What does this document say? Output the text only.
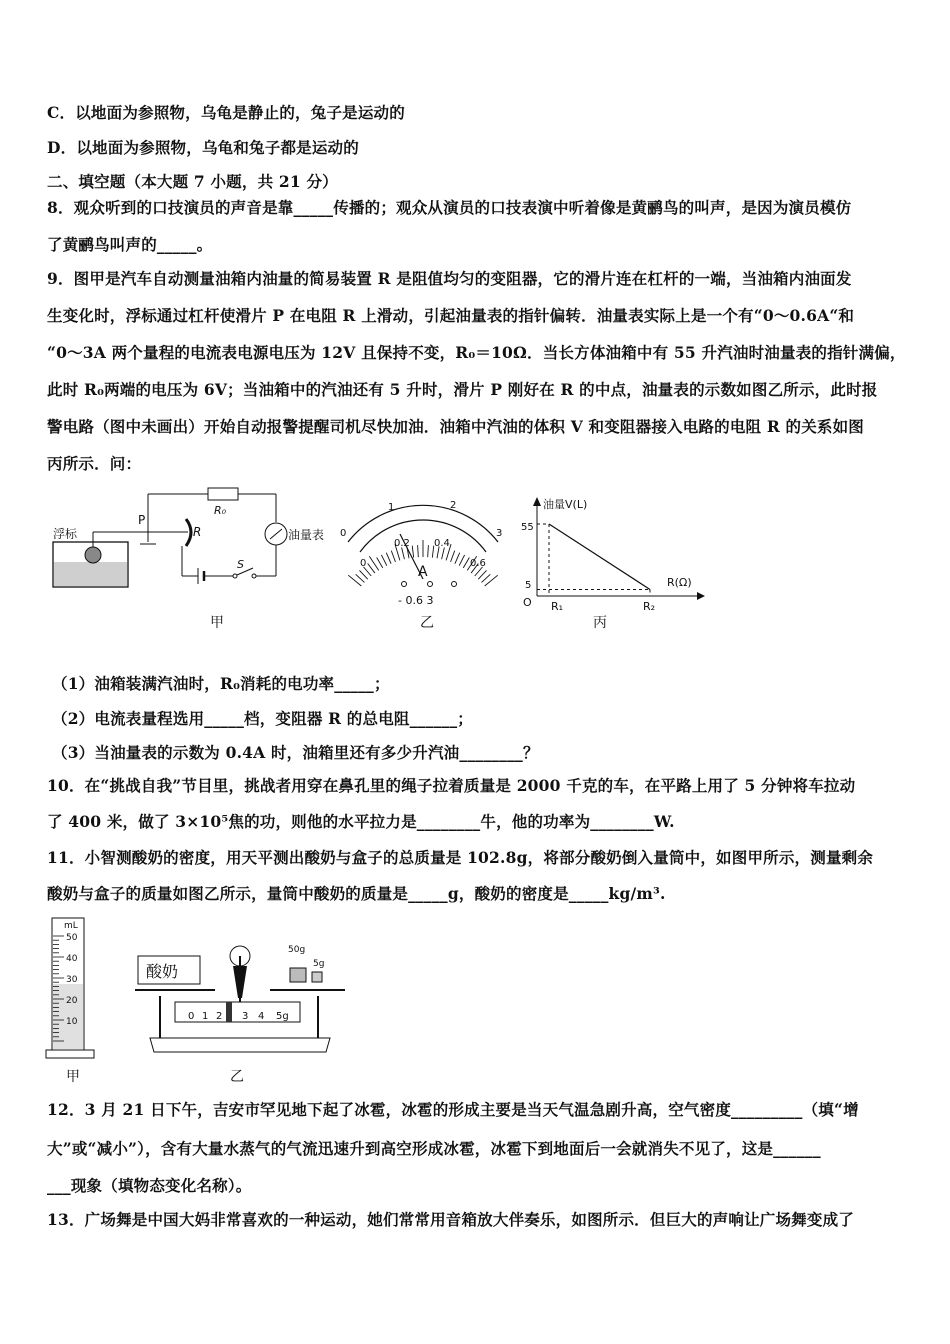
C．以地面为参照物，乌龟是静止的，兔子是运动的
D．以地面为参照物，乌龟和兔子都是运动的
二、填空题（本大题 7 小题，共 21 分）
8．观众听到的口技演员的声音是靠_____传播的；观众从演员的口技表演中听着像是黄鹂鸟的叫声，是因为演员模仿
了黄鹂鸟叫声的_____。
9．图甲是汽车自动测量油箱内油量的简易装置 R 是阻值均匀的变阻器，它的滑片连在杠杆的一端，当油箱内油面发
生变化时，浮标通过杠杆使滑片 P 在电阻 R 上滑动，引起油量表的指针偏转．油量表实际上是一个有“0～0.6A“和
“0～3A 两个量程的电流表电源电压为 12V 且保持不变，R₀＝10Ω．当长方体油箱中有 55 升汽油时油量表的指针满偏，
此时 R₀两端的电压为 6V；当油箱中的汽油还有 5 升时，滑片 P 刚好在 R 的中点，油量表的示数如图乙所示，此时报
警电路（图中未画出）开始自动报警提醒司机尽快加油．油箱中汽油的体积 V 和变阻器接入电路的电阻 R 的关系如图
丙所示．问：
浮标
P
R
R₀
S
油量表
甲
1	2
3
0
0
0.2 0.4
0.6
A
- 0.6 3
乙
油量V(L)
R(Ω)
O
55
5
R₁	R₂
丙
（1）油箱装满汽油时，R₀消耗的电功率_____；
（2）电流表量程选用_____档，变阻器 R 的总电阻______；
（3）当油量表的示数为 0.4A 时，油箱里还有多少升汽油________？
10．在“挑战自我”节目里，挑战者用穿在鼻孔里的绳子拉着质量是 2000 千克的车，在平路上用了 5 分钟将车拉动
了 400 米，做了 3×10⁵焦的功，则他的水平拉力是________牛，他的功率为________W.
11．小智测酸奶的密度，用天平测出酸奶与盒子的总质量是 102.8g，将部分酸奶倒入量筒中，如图甲所示，测量剩余
酸奶与盒子的质量如图乙所示，量筒中酸奶的质量是_____g，酸奶的密度是_____kg/m³.
mL
50
40
30
20
10
甲
酸奶
50g
5g
0 1 2 3 4 5g
乙
12．3 月 21 日下午，吉安市罕见地下起了冰雹，冰雹的形成主要是当天气温急剧升高，空气密度_________（填“增
大”或“减小”），含有大量水蒸气的气流迅速升到高空形成冰雹，冰雹下到地面后一会就消失不见了，这是______
___现象（填物态变化名称）。
13．广场舞是中国大妈非常喜欢的一种运动，她们常常用音箱放大伴奏乐，如图所示．但巨大的声响让广场舞变成了
